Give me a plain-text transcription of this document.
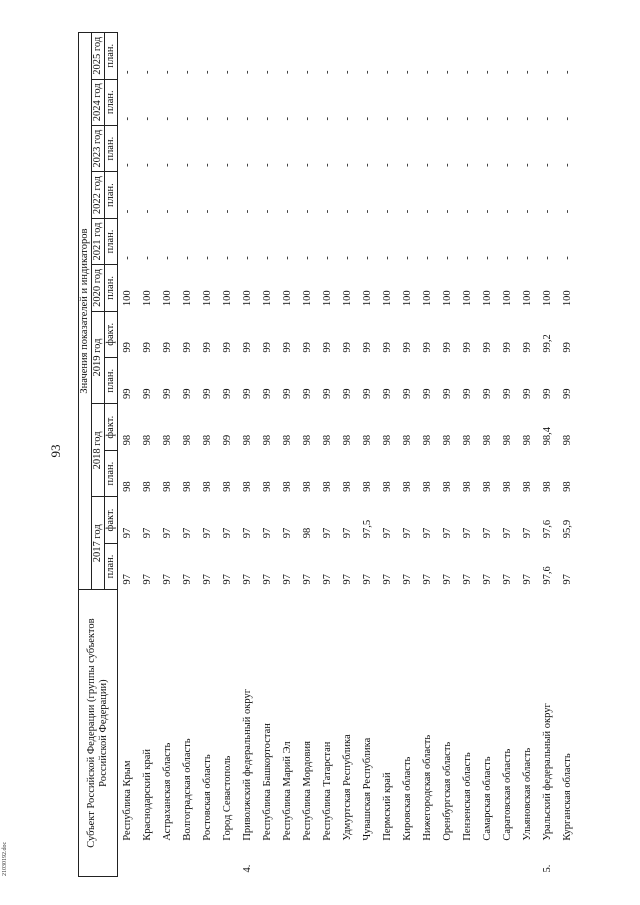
93
Субъект Российской Федерации (группы субъектов Российской Федерации)		Значения показателей и индикаторов											
		2017 год		2018 год		2019 год		2020 год	2021 год	2022 год	2023 год	2024 год	2025 год
		план.	факт.	план.	факт.	план.	факт.	план.	план.	план.	план.	план.	план.
	Республика Крым	97	97	98	98	99	99	100	-	-	-	-	-
	Краснодарский край	97	97	98	98	99	99	100	-	-	-	-	-
	Астраханская область	97	97	98	98	99	99	100	-	-	-	-	-
	Волгоградская область	97	97	98	98	99	99	100	-	-	-	-	-
	Ростовская область	97	97	98	98	99	99	100	-	-	-	-	-
	Город Севастополь	97	97	98	99	99	99	100	-	-	-	-	-
4.	Приволжский федеральный округ	97	97	98	98	99	99	100	-	-	-	-	-
	Республика Башкортостан	97	97	98	98	99	99	100	-	-	-	-	-
	Республика Марий Эл	97	97	98	98	99	99	100	-	-	-	-	-
	Республика Мордовия	97	98	98	98	99	99	100	-	-	-	-	-
	Республика Татарстан	97	97	98	98	99	99	100	-	-	-	-	-
	Удмуртская Республика	97	97	98	98	99	99	100	-	-	-	-	-
	Чувашская Республика	97	97,5	98	98	99	99	100	-	-	-	-	-
	Пермский край	97	97	98	98	99	99	100	-	-	-	-	-
	Кировская область	97	97	98	98	99	99	100	-	-	-	-	-
	Нижегородская область	97	97	98	98	99	99	100	-	-	-	-	-
	Оренбургская область	97	97	98	98	99	99	100	-	-	-	-	-
	Пензенская область	97	97	98	98	99	99	100	-	-	-	-	-
	Самарская область	97	97	98	98	99	99	100	-	-	-	-	-
	Саратовская область	97	97	98	98	99	99	100	-	-	-	-	-
	Ульяновская область	97	97	98	98	99	99	100	-	-	-	-	-
5.	Уральский федеральный округ	97,6	97,6	98	98,4	99	99,2	100	-	-	-	-	-
	Курганская область	97	95,9	98	98	99	99	100	-	-	-	-	-
21030192.doc
